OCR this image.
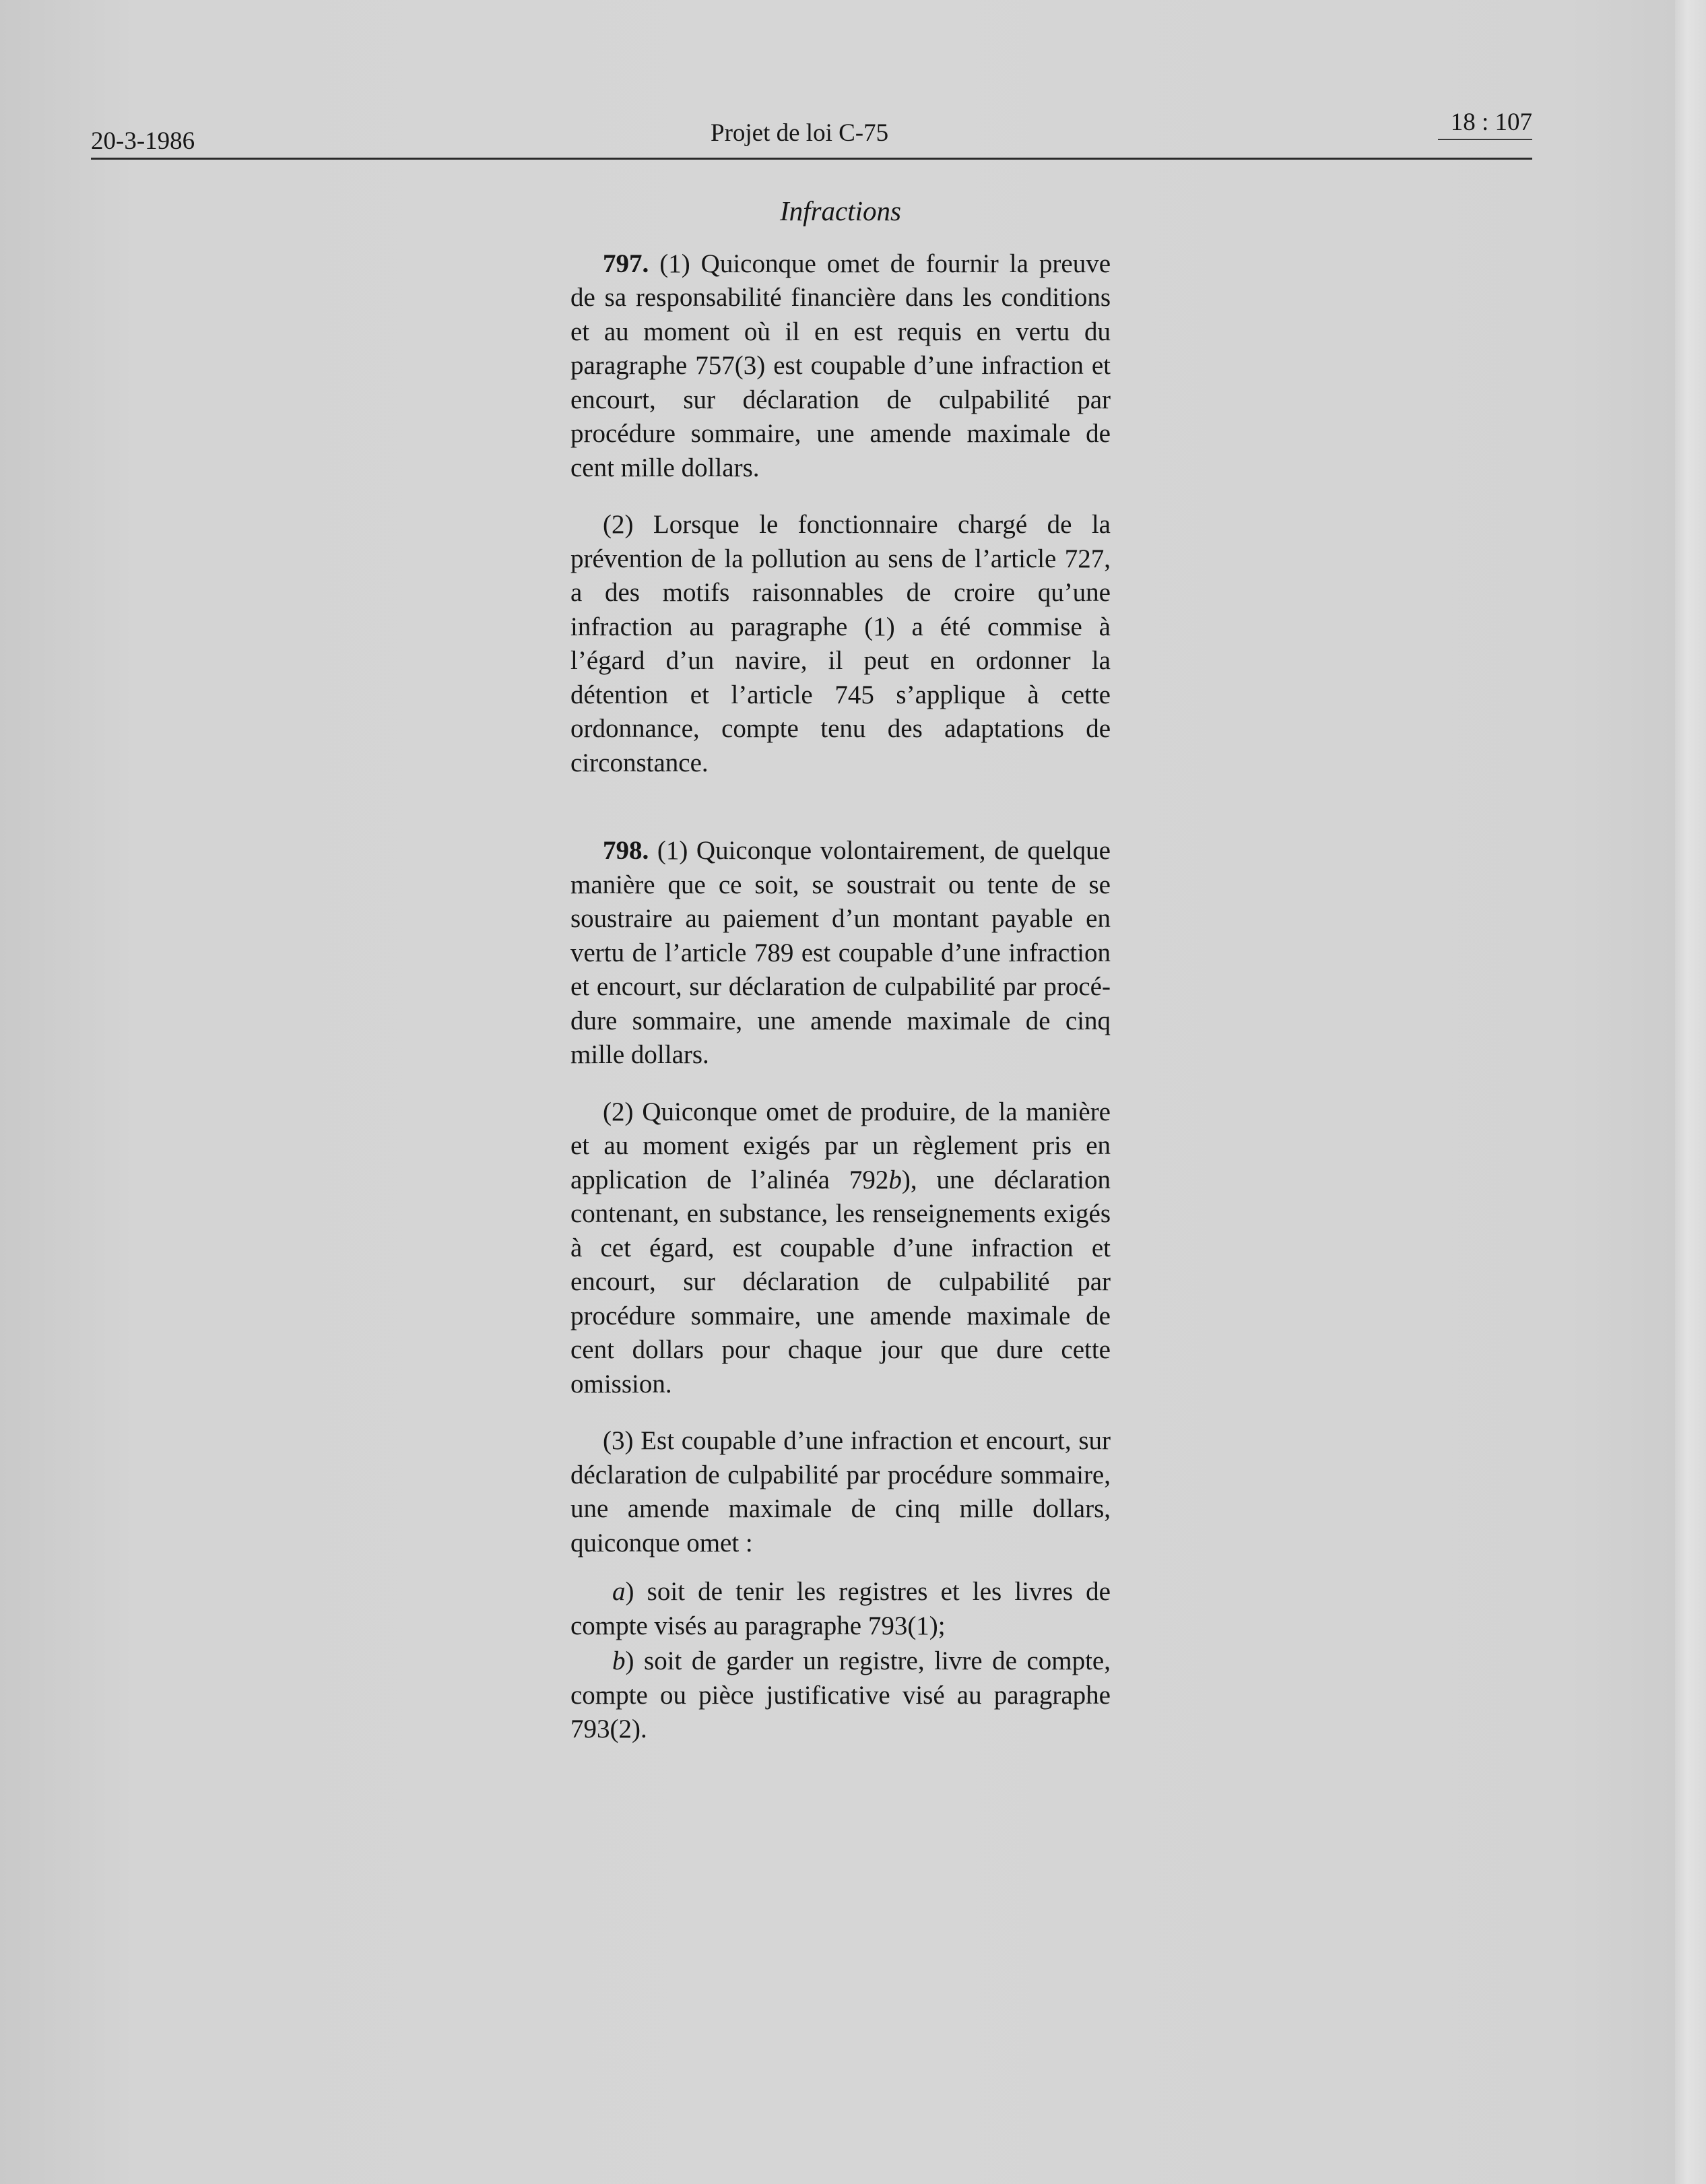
20-3-1986	Projet de loi C-75	18 : 107
Infractions

797. (1) Quiconque omet de fournir la preuve de sa responsabilité financière dans les conditions et au moment où il en est requis en vertu du paragraphe 757(3) est coupable d’une infraction et encourt, sur déclaration de culpabilité par procédure sommaire, une amende maximale de cent mille dollars.

(2) Lorsque le fonctionnaire chargé de la prévention de la pollution au sens de l’article 727, a des motifs raisonnables de croire qu’une infraction au paragraphe (1) a été commise à l’égard d’un navire, il peut en ordonner la détention et l’article 745 s’applique à cette ordonnance, compte tenu des adaptations de circonstance.

798. (1) Quiconque volontairement, de quelque manière que ce soit, se soustrait ou tente de se soustraire au paiement d’un montant payable en vertu de l’article 789 est coupable d’une infraction et encourt, sur déclaration de culpabilité par procédure sommaire, une amende maximale de cinq mille dollars.

(2) Quiconque omet de produire, de la manière et au moment exigés par un règlement pris en application de l’alinéa 792b), une déclaration contenant, en substance, les renseignements exigés à cet égard, est coupable d’une infraction et encourt, sur déclaration de culpabilité par procédure sommaire, une amende maximale de cent dollars pour chaque jour que dure cette omission.

(3) Est coupable d’une infraction et encourt, sur déclaration de culpabilité par procédure sommaire, une amende maximale de cinq mille dollars, quiconque omet :

a) soit de tenir les registres et les livres de compte visés au paragraphe 793(1);

b) soit de garder un registre, livre de compte, compte ou pièce justificative visé au paragraphe 793(2).
